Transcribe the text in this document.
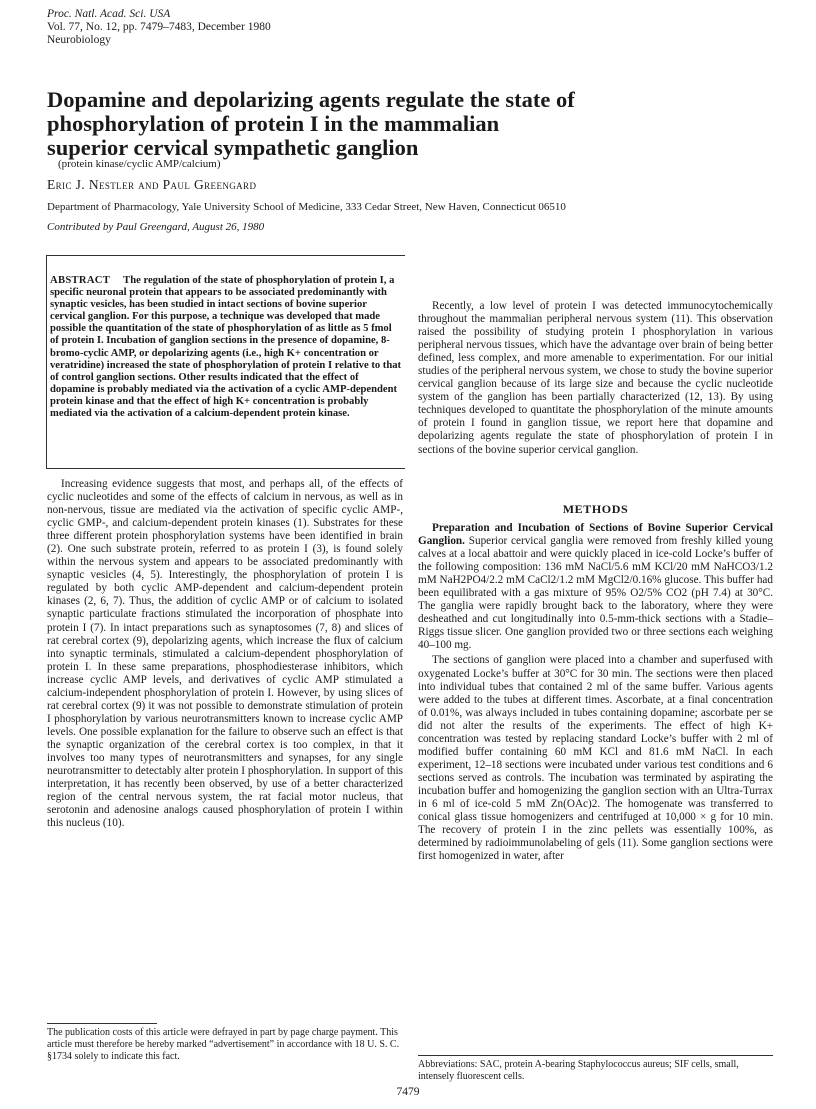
Proc. Natl. Acad. Sci. USA
Vol. 77, No. 12, pp. 7479–7483, December 1980
Neurobiology
Dopamine and depolarizing agents regulate the state of
phosphorylation of protein I in the mammalian
superior cervical sympathetic ganglion
(protein kinase/cyclic AMP/calcium)
Eric J. Nestler and Paul Greengard
Department of Pharmacology, Yale University School of Medicine, 333 Cedar Street, New Haven, Connecticut 06510
Contributed by Paul Greengard, August 26, 1980
ABSTRACT The regulation of the state of phosphorylation of protein I, a specific neuronal protein that appears to be associated predominantly with synaptic vesicles, has been studied in intact sections of bovine superior cervical ganglion. For this purpose, a technique was developed that made possible the quantitation of the state of phosphorylation of as little as 5 fmol of protein I. Incubation of ganglion sections in the presence of dopamine, 8-bromo-cyclic AMP, or depolarizing agents (i.e., high K+ concentration or veratridine) increased the state of phosphorylation of protein I relative to that of control ganglion sections. Other results indicated that the effect of dopamine is probably mediated via the activation of a cyclic AMP-dependent protein kinase and that the effect of high K+ concentration is probably mediated via the activation of a calcium-dependent protein kinase.

Increasing evidence suggests that most, and perhaps all, of the effects of cyclic nucleotides and some of the effects of calcium in nervous, as well as in non-nervous, tissue are mediated via the activation of specific cyclic AMP-, cyclic GMP-, and calcium-dependent protein kinases (1). Substrates for these three different protein phosphorylation systems have been identified in brain (2). One such substrate protein, referred to as protein I (3), is found solely within the nervous system and appears to be associated predominantly with synaptic vesicles (4, 5). Interestingly, the phosphorylation of protein I is regulated by both cyclic AMP-dependent and calcium-dependent protein kinases (2, 6, 7). Thus, the addition of cyclic AMP or of calcium to isolated synaptic particulate fractions stimulated the incorporation of phosphate into protein I (7). In intact preparations such as synaptosomes (7, 8) and slices of rat cerebral cortex (9), depolarizing agents, which increase the flux of calcium into synaptic terminals, stimulated a calcium-dependent phosphorylation of protein I. In these same preparations, phosphodiesterase inhibitors, which increase cyclic AMP levels, and derivatives of cyclic AMP stimulated a calcium-independent phosphorylation of protein I. However, by using slices of rat cerebral cortex (9) it was not possible to demonstrate stimulation of protein I phosphorylation by various neurotransmitters known to increase cyclic AMP levels. One possible explanation for the failure to observe such an effect is that the synaptic organization of the cerebral cortex is too complex, in that it involves too many types of neurotransmitters and synapses, for any single neurotransmitter to detectably alter protein I phosphorylation. In support of this interpretation, it has recently been observed, by use of a better characterized region of the central nervous system, the rat facial motor nucleus, that serotonin and adenosine analogs caused phosphorylation of protein I within this nucleus (10).

Recently, a low level of protein I was detected immunocytochemically throughout the mammalian peripheral nervous system (11). This observation raised the possibility of studying protein I phosphorylation in various peripheral nervous tissues, which have the advantage over brain of being better defined, less complex, and more amenable to experimentation. For our initial studies of the peripheral nervous system, we chose to study the bovine superior cervical ganglion because of its large size and because the cyclic nucleotide system of the ganglion has been partially characterized (12, 13). By using techniques developed to quantitate the phosphorylation of the minute amounts of protein I found in ganglion tissue, we report here that dopamine and depolarizing agents regulate the state of phosphorylation of protein I in sections of the bovine superior cervical ganglion.

METHODS

Preparation and Incubation of Sections of Bovine Superior Cervical Ganglion. Superior cervical ganglia were removed from freshly killed young calves at a local abattoir and were quickly placed in ice-cold Locke’s buffer of the following composition: 136 mM NaCl/5.6 mM KCl/20 mM NaHCO3/1.2 mM NaH2PO4/2.2 mM CaCl2/1.2 mM MgCl2/0.16% glucose. This buffer had been equilibrated with a gas mixture of 95% O2/5% CO2 (pH 7.4) at 30°C. The ganglia were rapidly brought back to the laboratory, where they were desheathed and cut longitudinally into 0.5-mm-thick sections with a Stadie–Riggs tissue slicer. One ganglion provided two or three sections each weighing 40–100 mg.

The sections of ganglion were placed into a chamber and superfused with oxygenated Locke’s buffer at 30°C for 30 min. The sections were then placed into individual tubes that contained 2 ml of the same buffer. Various agents were added to the tubes at different times. Ascorbate, at a final concentration of 0.01%, was always included in tubes containing dopamine; ascorbate per se did not alter the results of the experiments. The effect of high K+ concentration was tested by replacing standard Locke’s buffer with 2 ml of modified buffer containing 60 mM KCl and 81.6 mM NaCl. In each experiment, 12–18 sections were incubated under various test conditions and 6 sections served as controls. The incubation was terminated by aspirating the incubation buffer and homogenizing the ganglion section with an Ultra-Turrax in 6 ml of ice-cold 5 mM Zn(OAc)2. The homogenate was transferred to conical glass tissue homogenizers and centrifuged at 10,000 × g for 10 min. The recovery of protein I in the zinc pellets was essentially 100%, as determined by radioimmunolabeling of gels (11). Some ganglion sections were first homogenized in water, after

The publication costs of this article were defrayed in part by page charge payment. This article must therefore be hereby marked “advertisement” in accordance with 18 U. S. C. §1734 solely to indicate this fact.
Abbreviations: SAC, protein A-bearing Staphylococcus aureus; SIF cells, small, intensely fluorescent cells.
7479
